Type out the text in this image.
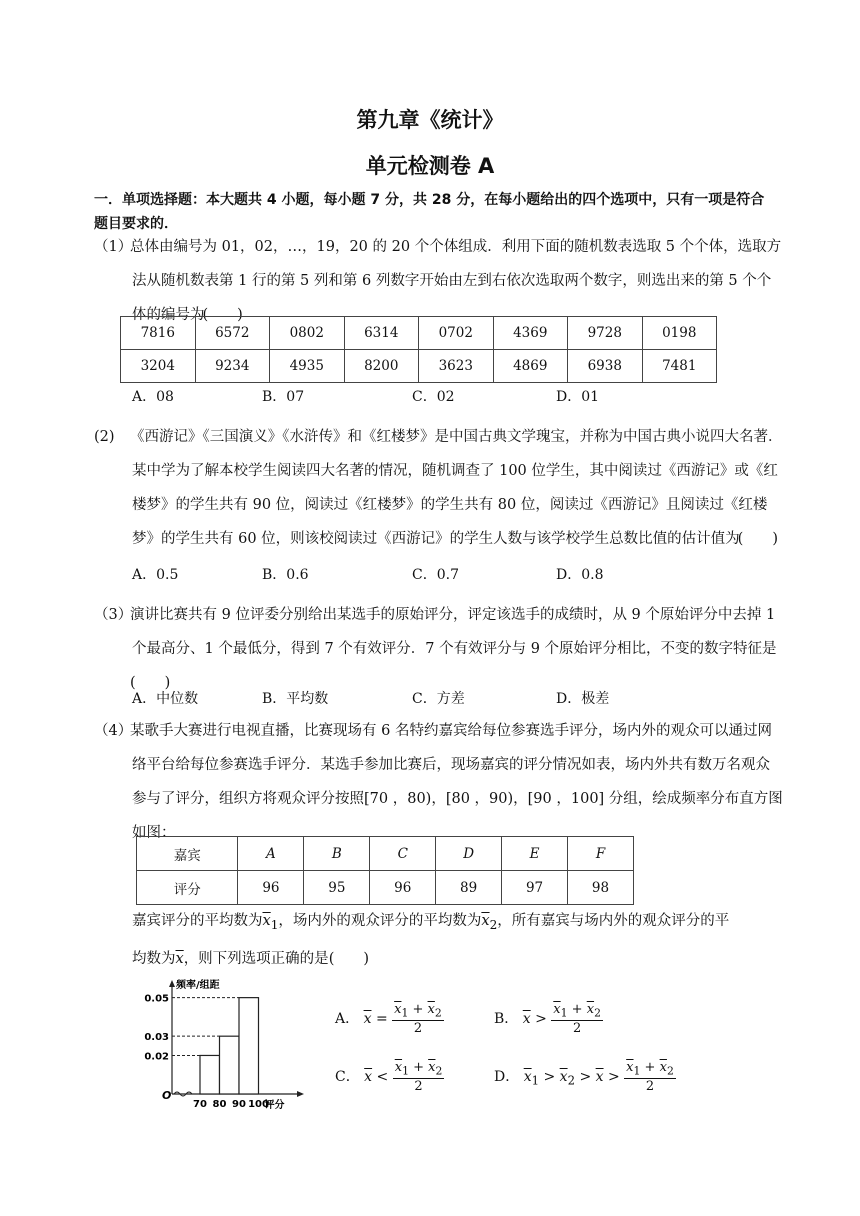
第九章《统计》
单元检测卷 A
一．单项选择题：本大题共 4 小题，每小题 7 分，共 28 分，在每小题给出的四个选项中，只有一项是符合题目要求的．
（1）
总体由编号为 01，02，…，19，20 的 20 个个体组成．利用下面的随机数表选取 5 个个体，选取方法从随机数表第 1 行的第 5 列和第 6 列数字开始由左到右依次选取两个数字，则选出来的第 5 个个体的编号为(　　)
7816	6572	0802	6314	0702	4369	9728	0198
3204	9234	4935	8200	3623	4869	6938	7481
A．08	B．07	C．02	D．01
(2) 《西游记》《三国演义》《水浒传》和《红楼梦》是中国古典文学瑰宝，并称为中国古典小说四大名著．某中学为了解本校学生阅读四大名著的情况，随机调查了 100 位学生，其中阅读过《西游记》或《红楼梦》的学生共有 90 位，阅读过《红楼梦》的学生共有 80 位，阅读过《西游记》且阅读过《红楼梦》的学生共有 60 位，则该校阅读过《西游记》的学生人数与该学校学生总数比值的估计值为(　　)
A．0.5	B．0.6	C．0.7	D．0.8
（3）
演讲比赛共有 9 位评委分别给出某选手的原始评分，评定该选手的成绩时，从 9 个原始评分中去掉 1 个最高分、1 个最低分，得到 7 个有效评分．7 个有效评分与 9 个原始评分相比，不变的数字特征是(　　)
A．中位数	B．平均数	C．方差	D．极差
（4）
某歌手大赛进行电视直播，比赛现场有 6 名特约嘉宾给每位参赛选手评分，场内外的观众可以通过网络平台给每位参赛选手评分．某选手参加比赛后，现场嘉宾的评分情况如表，场内外共有数万名观众参与了评分，组织方将观众评分按照[70 ，80)，[80 ，90)，[90 ，100] 分组，绘成频率分布直方图如图：
嘉宾	A	B	C	D	E	F
评分	96	95	96	89	97	98
嘉宾评分的平均数为$\overline{x}_1$，场内外的观众评分的平均数为$\overline{x}_2$，所有嘉宾与场内外的观众评分的平
均数为$\overline{x}$，则下列选项正确的是(　　)
0.02
0.03
0.05
70 80 90 100
评分
频率/组距
O
A． $\overline{x} = \frac{\overline{x}_1 + \overline{x}_2}{2}$	B． $\overline{x} > \frac{\overline{x}_1 + \overline{x}_2}{2}$
C． $\overline{x} < \frac{\overline{x}_1 + \overline{x}_2}{2}$	D． $\overline{x}_1 > \overline{x}_2 > \overline{x} > \frac{\overline{x}_1 + \overline{x}_2}{2}$
